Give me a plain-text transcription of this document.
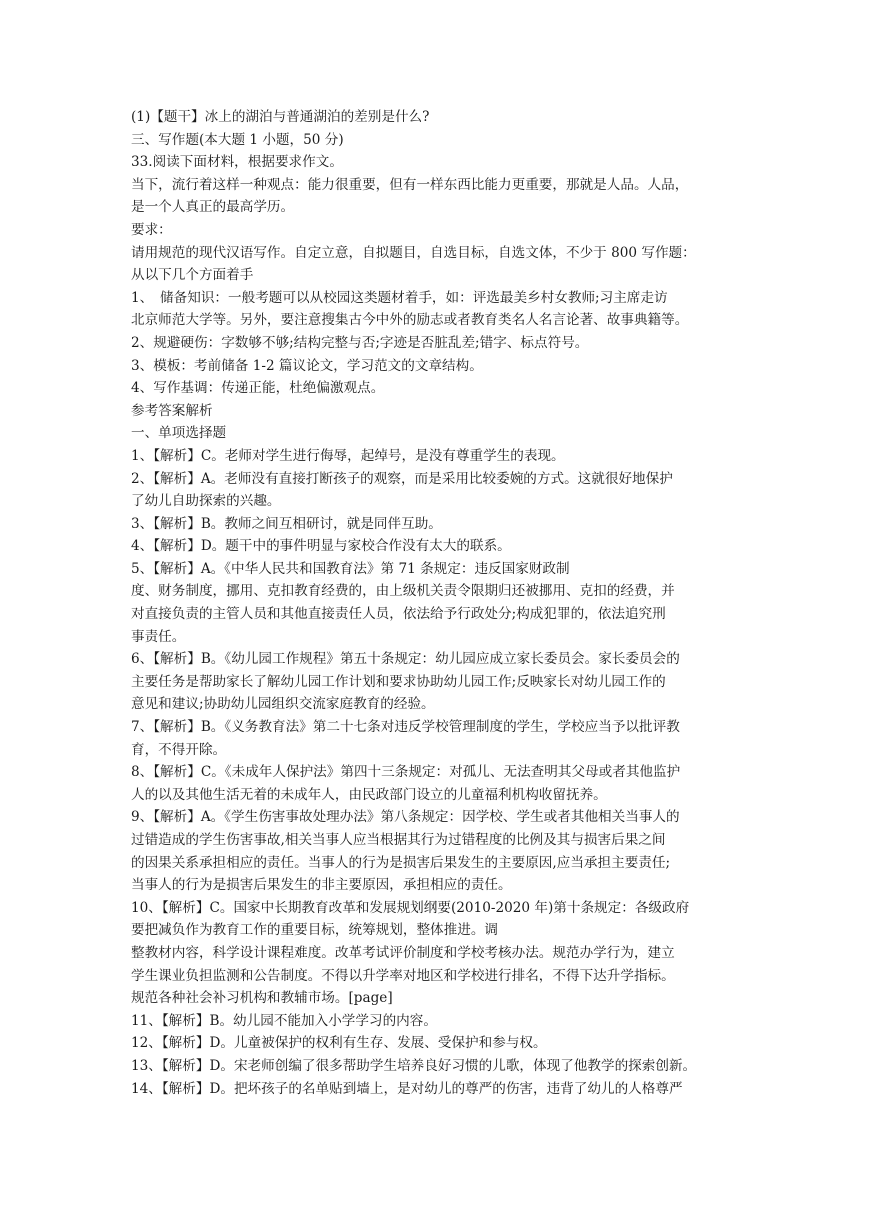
(1)【题干】冰上的湖泊与普通湖泊的差别是什么?
三、写作题(本大题 1 小题，50 分)
33.阅读下面材料，根据要求作文。
当下，流行着这样一种观点：能力很重要，但有一样东西比能力更重要，那就是人品。人品，
是一个人真正的最高学历。
要求：
请用规范的现代汉语写作。自定立意，自拟题目，自选目标，自选文体，不少于 800 写作题：
从以下几个方面着手
1、　储备知识：一般考题可以从校园这类题材着手，如：评选最美乡村女教师;习主席走访
北京师范大学等。另外，要注意搜集古今中外的励志或者教育类名人名言论著、故事典籍等。
2、规避硬伤：字数够不够;结构完整与否;字迹是否脏乱差;错字、标点符号。
3、模板：考前储备 1-2 篇议论文，学习范文的文章结构。
4、写作基调：传递正能，杜绝偏激观点。
参考答案解析
一、单项选择题
1、【解析】C。老师对学生进行侮辱，起绰号，是没有尊重学生的表现。
2、【解析】A。老师没有直接打断孩子的观察，而是采用比较委婉的方式。这就很好地保护
了幼儿自助探索的兴趣。
3、【解析】B。教师之间互相研讨，就是同伴互助。
4、【解析】D。题干中的事件明显与家校合作没有太大的联系。
5、【解析】A。《中华人民共和国教育法》第 71 条规定：违反国家财政制
度、财务制度，挪用、克扣教育经费的，由上级机关责令限期归还被挪用、克扣的经费，并
对直接负责的主管人员和其他直接责任人员，依法给予行政处分;构成犯罪的，依法追究刑
事责任。
6、【解析】B。《幼儿园工作规程》第五十条规定：幼儿园应成立家长委员会。家长委员会的
主要任务是帮助家长了解幼儿园工作计划和要求协助幼儿园工作;反映家长对幼儿园工作的
意见和建议;协助幼儿园组织交流家庭教育的经验。
7、【解析】B。《义务教育法》第二十七条对违反学校管理制度的学生，学校应当予以批评教
育，不得开除。
8、【解析】C。《未成年人保护法》第四十三条规定：对孤儿、无法查明其父母或者其他监护
人的以及其他生活无着的未成年人，由民政部门设立的儿童福利机构收留抚养。
9、【解析】A。《学生伤害事故处理办法》第八条规定：因学校、学生或者其他相关当事人的
过错造成的学生伤害事故,相关当事人应当根据其行为过错程度的比例及其与损害后果之间
的因果关系承担相应的责任。当事人的行为是损害后果发生的主要原因,应当承担主要责任;
当事人的行为是损害后果发生的非主要原因，承担相应的责任。
10、【解析】C。国家中长期教育改革和发展规划纲要(2010-2020 年)第十条规定：各级政府
要把减负作为教育工作的重要目标，统筹规划，整体推进。调
整教材内容，科学设计课程难度。改革考试评价制度和学校考核办法。规范办学行为，建立
学生课业负担监测和公告制度。不得以升学率对地区和学校进行排名，不得下达升学指标。
规范各种社会补习机构和教辅市场。[page]
11、【解析】B。幼儿园不能加入小学学习的内容。
12、【解析】D。儿童被保护的权利有生存、发展、受保护和参与权。
13、【解析】D。宋老师创编了很多帮助学生培养良好习惯的儿歌，体现了他教学的探索创新。
14、【解析】D。把坏孩子的名单贴到墙上，是对幼儿的尊严的伤害，违背了幼儿的人格尊严
